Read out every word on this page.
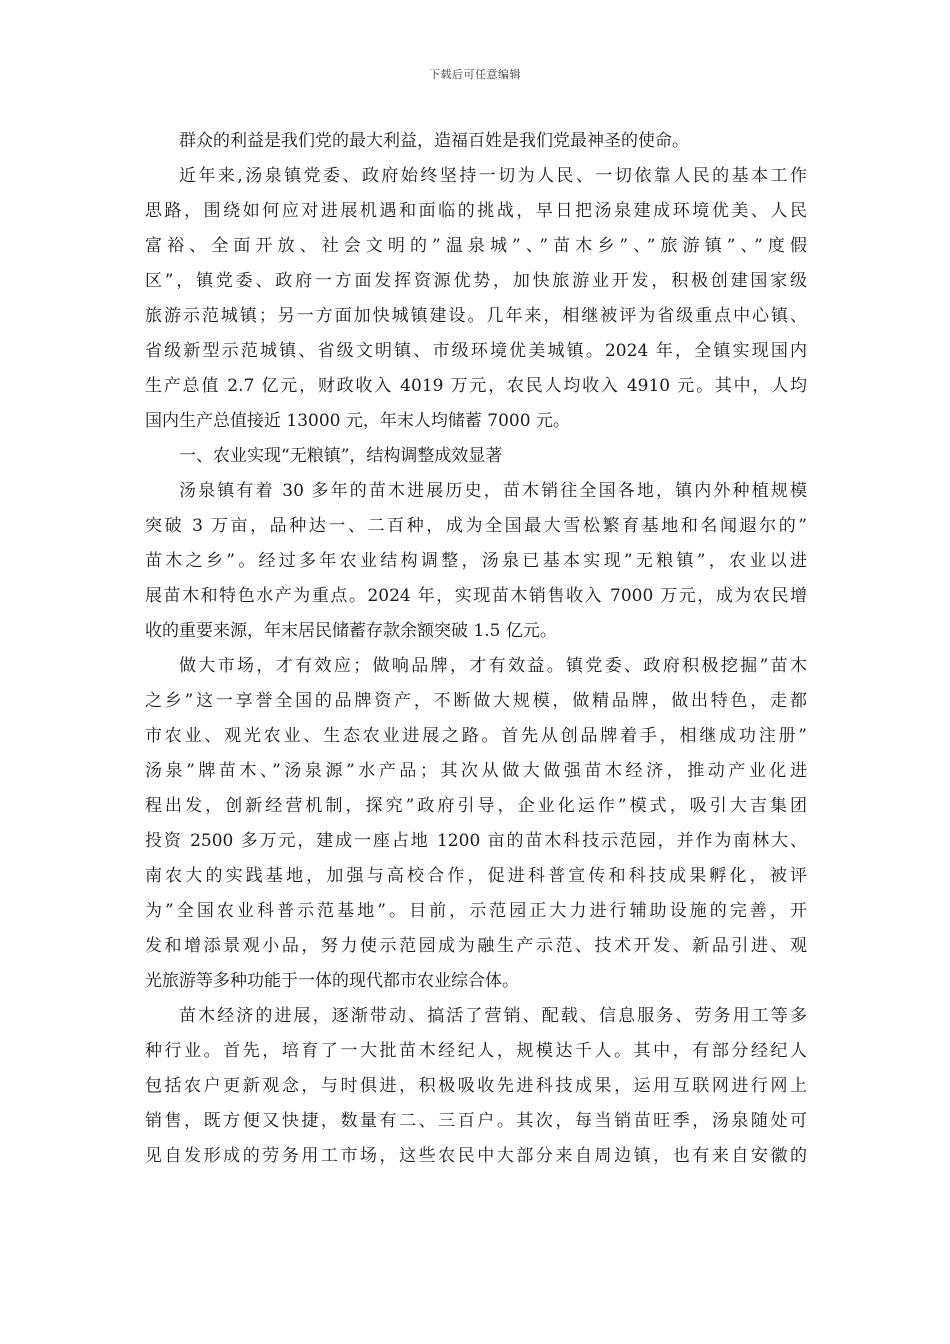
下载后可任意编辑
群众的利益是我们党的最大利益，造福百姓是我们党最神圣的使命。
近年来,汤泉镇党委、政府始终坚持一切为人民、一切依靠人民的基本工作
思路，围绕如何应对进展机遇和面临的挑战，早日把汤泉建成环境优美、人民
富裕、全面开放、社会文明的”温泉城”、”苗木乡”、”旅游镇”、”度假
区”，镇党委、政府一方面发挥资源优势，加快旅游业开发，积极创建国家级
旅游示范城镇；另一方面加快城镇建设。几年来，相继被评为省级重点中心镇、
省级新型示范城镇、省级文明镇、市级环境优美城镇。2024 年，全镇实现国内
生产总值 2.7 亿元，财政收入 4019 万元，农民人均收入 4910 元。其中，人均
国内生产总值接近 13000 元，年末人均储蓄 7000 元。
一、农业实现“无粮镇”，结构调整成效显著
汤泉镇有着 30 多年的苗木进展历史，苗木销往全国各地，镇内外种植规模
突破 3 万亩，品种达一、二百种，成为全国最大雪松繁育基地和名闻遐尔的”
苗木之乡”。经过多年农业结构调整，汤泉已基本实现”无粮镇”，农业以进
展苗木和特色水产为重点。2024 年，实现苗木销售收入 7000 万元，成为农民增
收的重要来源，年末居民储蓄存款余额突破 1.5 亿元。
做大市场，才有效应；做响品牌，才有效益。镇党委、政府积极挖掘”苗木
之乡”这一享誉全国的品牌资产，不断做大规模，做精品牌，做出特色，走都
市农业、观光农业、生态农业进展之路。首先从创品牌着手，相继成功注册”
汤泉”牌苗木、”汤泉源”水产品；其次从做大做强苗木经济，推动产业化进
程出发，创新经营机制，探究”政府引导，企业化运作”模式，吸引大吉集团
投资 2500 多万元，建成一座占地 1200 亩的苗木科技示范园，并作为南林大、
南农大的实践基地，加强与高校合作，促进科普宣传和科技成果孵化，被评
为”全国农业科普示范基地”。目前，示范园正大力进行辅助设施的完善，开
发和增添景观小品，努力使示范园成为融生产示范、技术开发、新品引进、观
光旅游等多种功能于一体的现代都市农业综合体。
苗木经济的进展，逐渐带动、搞活了营销、配载、信息服务、劳务用工等多
种行业。首先，培育了一大批苗木经纪人，规模达千人。其中，有部分经纪人
包括农户更新观念，与时俱进，积极吸收先进科技成果，运用互联网进行网上
销售，既方便又快捷，数量有二、三百户。其次，每当销苗旺季，汤泉随处可
见自发形成的劳务用工市场，这些农民中大部分来自周边镇，也有来自安徽的
